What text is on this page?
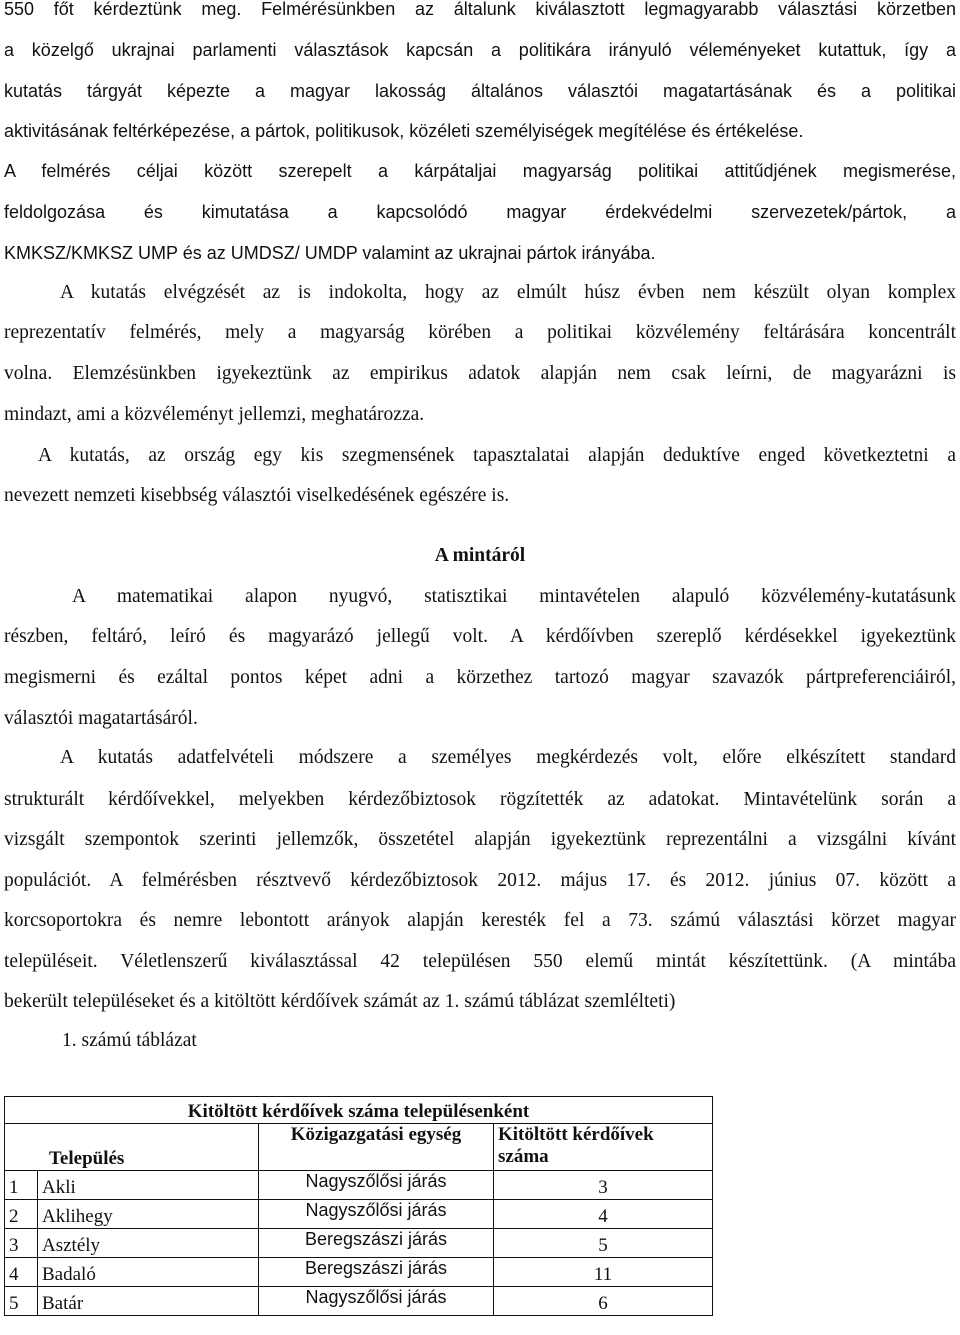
550 főt kérdeztünk meg. Felmérésünkben az általunk kiválasztott legmagyarabb választási körzetben
a közelgő ukrajnai parlamenti választások kapcsán a politikára irányuló véleményeket kutattuk, így a
kutatás tárgyát képezte a magyar lakosság általános választói magatartásának és a politikai
aktivitásának feltérképezése, a pártok, politikusok, közéleti személyiségek megítélése és értékelése.
A felmérés céljai között szerepelt a kárpátaljai magyarság politikai attitűdjének megismerése,
feldolgozása és kimutatása a kapcsolódó magyar érdekvédelmi szervezetek/pártok, a
KMKSZ/KMKSZ UMP és az UMDSZ/ UMDP valamint az ukrajnai pártok irányába.
A kutatás elvégzését az is indokolta, hogy az elmúlt húsz évben nem készült olyan komplex
reprezentatív felmérés, mely a magyarság körében a politikai közvélemény feltárására koncentrált
volna. Elemzésünkben igyekeztünk az empirikus adatok alapján nem csak leírni, de magyarázni is
mindazt, ami a közvéleményt jellemzi, meghatározza.
A kutatás, az ország egy kis szegmensének tapasztalatai alapján deduktíve enged következtetni a
nevezett nemzeti kisebbség választói viselkedésének egészére is.
A mintáról
A matematikai alapon nyugvó, statisztikai mintavételen alapuló közvélemény-kutatásunk
részben, feltáró, leíró és magyarázó jellegű volt. A kérdőívben szereplő kérdésekkel igyekeztünk
megismerni és ezáltal pontos képet adni a körzethez tartozó magyar szavazók pártpreferenciáiról,
választói magatartásáról.
A kutatás adatfelvételi módszere a személyes megkérdezés volt, előre elkészített standard
strukturált kérdőívekkel, melyekben kérdezőbiztosok rögzítették az adatokat. Mintavételünk során a
vizsgált szempontok szerinti jellemzők, összetétel alapján igyekeztünk reprezentálni a vizsgálni kívánt
populációt. A felmérésben résztvevő kérdezőbiztosok 2012. május 17. és 2012. június 07. között a
korcsoportokra és nemre lebontott arányok alapján keresték fel a 73. számú választási körzet magyar
településeit. Véletlenszerű kiválasztással 42 településen 550 elemű mintát készítettünk. (A mintába
bekerült településeket és a kitöltött kérdőívek számát az 1. számú táblázat szemlélteti)
1. számú táblázat
Kitöltött kérdőívek száma településenként			
Település		Közigazgatási egység	Kitöltött kérdőívek
száma

1	Akli	Nagyszőlősi járás	3
2	Aklihegy	Nagyszőlősi járás	4
3	Asztély	Beregszászi járás	5
4	Badaló	Beregszászi járás	11
5	Batár	Nagyszőlősi járás	6
